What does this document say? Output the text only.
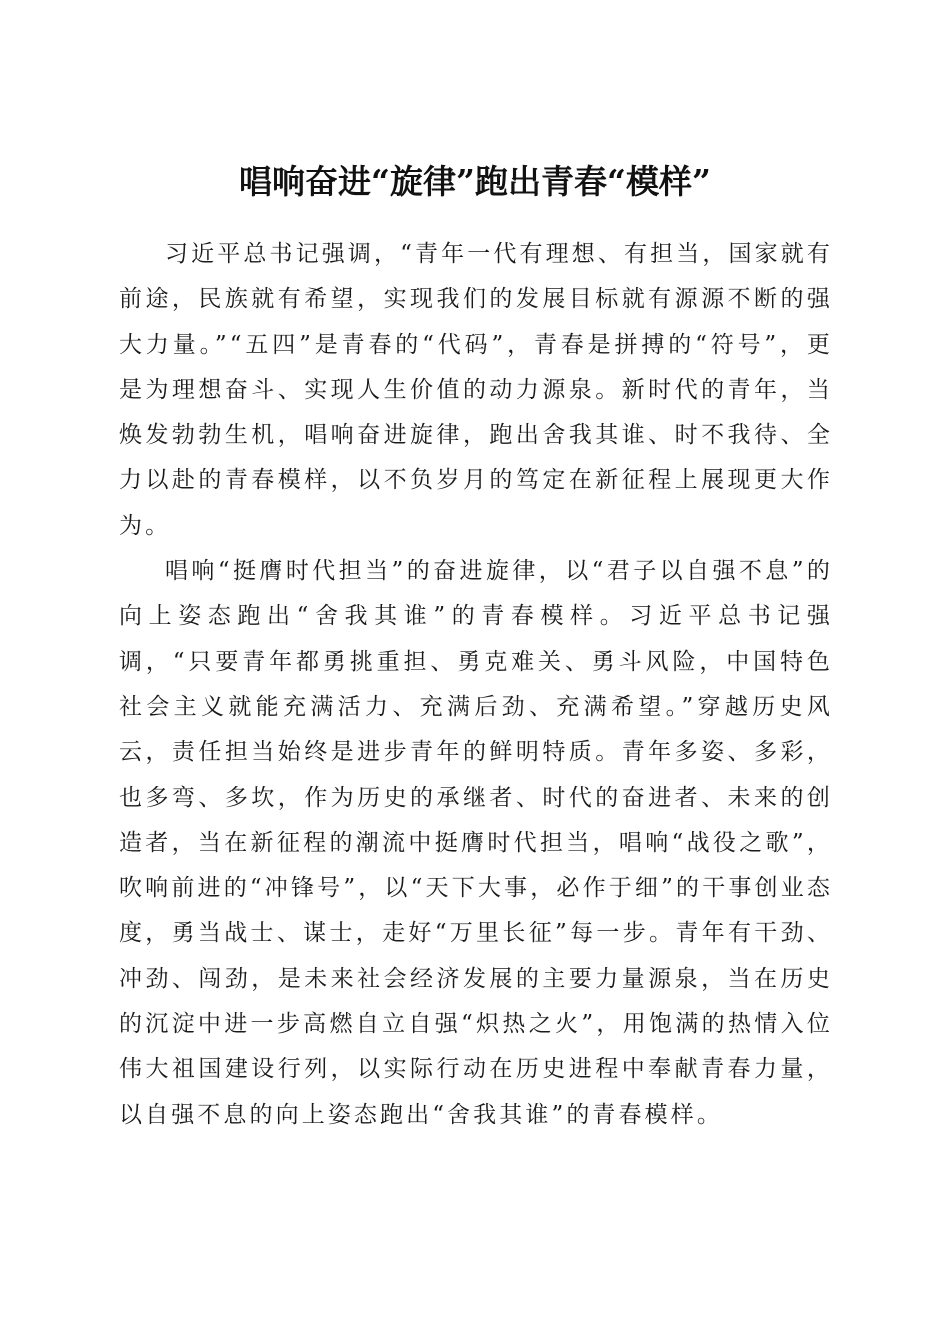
唱响奋进“旋律”跑出青春“模样”

习近平总书记强调，“青年一代有理想、有担当，国家就有前途，民族就有希望，实现我们的发展目标就有源源不断的强大力量。”“五四”是青春的“代码”，青春是拼搏的“符号”，更是为理想奋斗、实现人生价值的动力源泉。新时代的青年，当焕发勃勃生机，唱响奋进旋律，跑出舍我其谁、时不我待、全力以赴的青春模样，以不负岁月的笃定在新征程上展现更大作为。

唱响“挺膺时代担当”的奋进旋律，以“君子以自强不息”的向上姿态跑出“舍我其谁”的青春模样。习近平总书记强调，“只要青年都勇挑重担、勇克难关、勇斗风险，中国特色社会主义就能充满活力、充满后劲、充满希望。”穿越历史风云，责任担当始终是进步青年的鲜明特质。青年多姿、多彩，也多弯、多坎，作为历史的承继者、时代的奋进者、未来的创造者，当在新征程的潮流中挺膺时代担当，唱响“战役之歌”，吹响前进的“冲锋号”，以“天下大事，必作于细”的干事创业态度，勇当战士、谋士，走好“万里长征”每一步。青年有干劲、冲劲、闯劲，是未来社会经济发展的主要力量源泉，当在历史的沉淀中进一步高燃自立自强“炽热之火”，用饱满的热情入位伟大祖国建设行列，以实际行动在历史进程中奉献青春力量，以自强不息的向上姿态跑出“舍我其谁”的青春模样。
